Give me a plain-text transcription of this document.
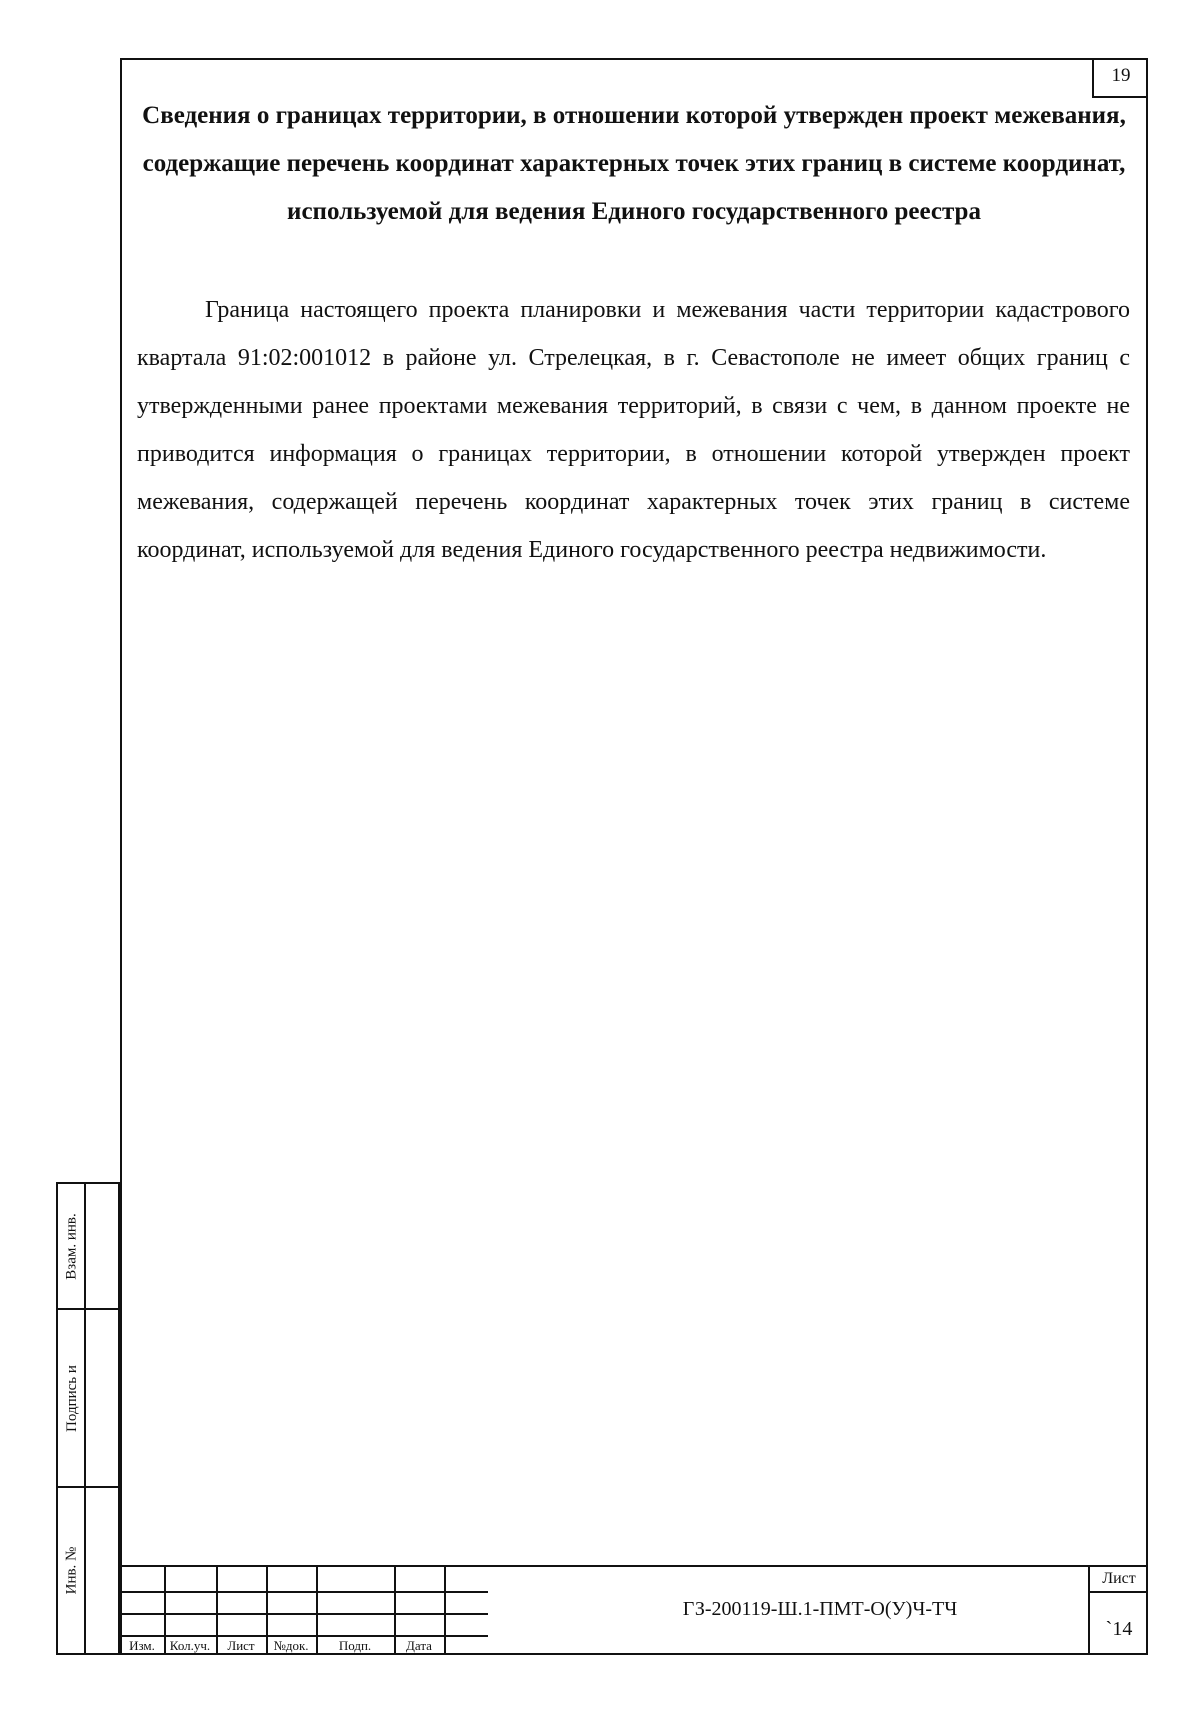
19
Сведения о границах территории, в отношении которой утвержден проект межевания, содержащие перечень координат характерных точек этих границ в системе координат, используемой для ведения Единого государственного реестра

Граница настоящего проекта планировки и межевания части территории кадастрового квартала 91:02:001012 в районе ул. Стрелецкая, в г. Севастополе не имеет общих границ с утвержденными ранее проектами межевания территорий, в связи с чем, в данном проекте не приводится информация о границах территории, в отношении которой утвержден проект межевания, содержащей перечень координат характерных точек этих границ в системе координат, используемой для ведения Единого государственного реестра недвижимости.

Взам. инв.
Подпись и
Инв. №
Изм.	Кол.уч.	Лист	№док.	Подп.	Дата
ГЗ-200119-Ш.1-ПМТ-О(У)Ч-ТЧ
Лист
`14
